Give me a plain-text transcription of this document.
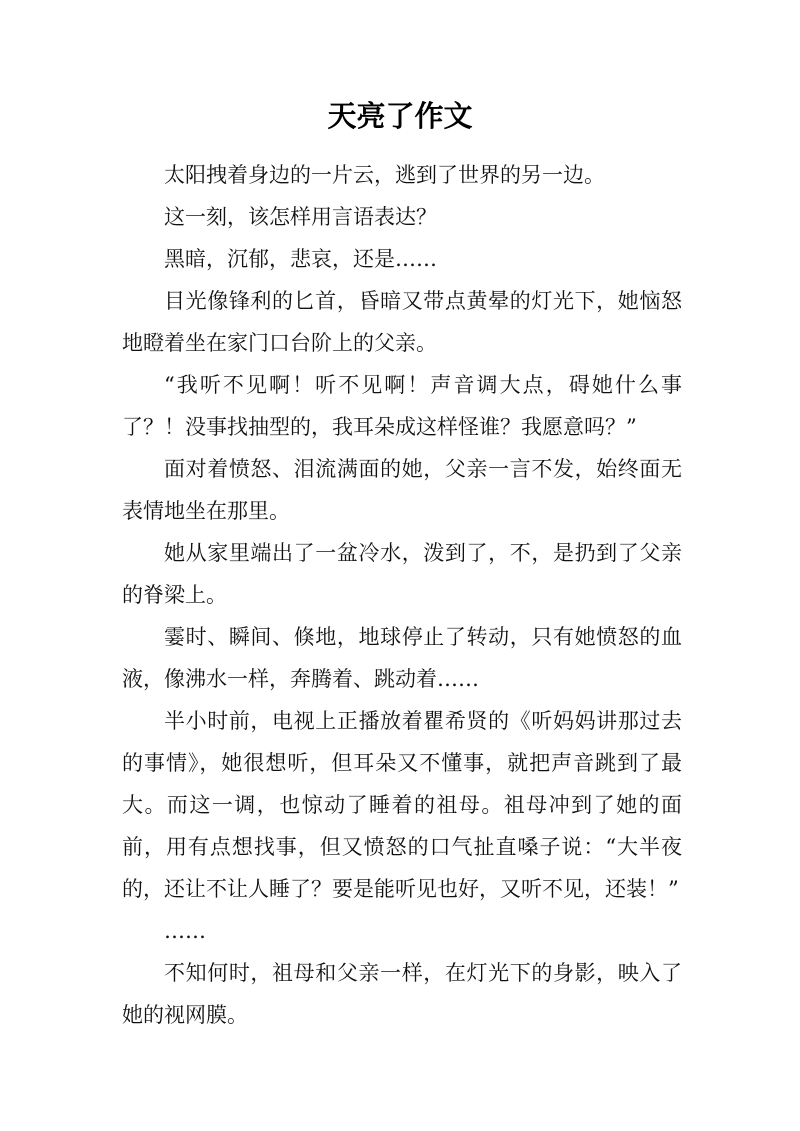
天亮了作文

太阳拽着身边的一片云，逃到了世界的另一边。

这一刻，该怎样用言语表达？

黑暗，沉郁，悲哀，还是……

目光像锋利的匕首，昏暗又带点黄晕的灯光下，她恼怒地瞪着坐在家门口台阶上的父亲。

“我听不见啊！听不见啊！声音调大点，碍她什么事了？！没事找抽型的，我耳朵成这样怪谁？我愿意吗？”

面对着愤怒、泪流满面的她，父亲一言不发，始终面无表情地坐在那里。

她从家里端出了一盆冷水，泼到了，不，是扔到了父亲的脊梁上。

霎时、瞬间、倏地，地球停止了转动，只有她愤怒的血液，像沸水一样，奔腾着、跳动着……

半小时前，电视上正播放着瞿希贤的《听妈妈讲那过去的事情》，她很想听，但耳朵又不懂事，就把声音跳到了最大。而这一调，也惊动了睡着的祖母。祖母冲到了她的面前，用有点想找事，但又愤怒的口气扯直嗓子说：“大半夜的，还让不让人睡了？要是能听见也好，又听不见，还装！”

……

不知何时，祖母和父亲一样，在灯光下的身影，映入了她的视网膜。
